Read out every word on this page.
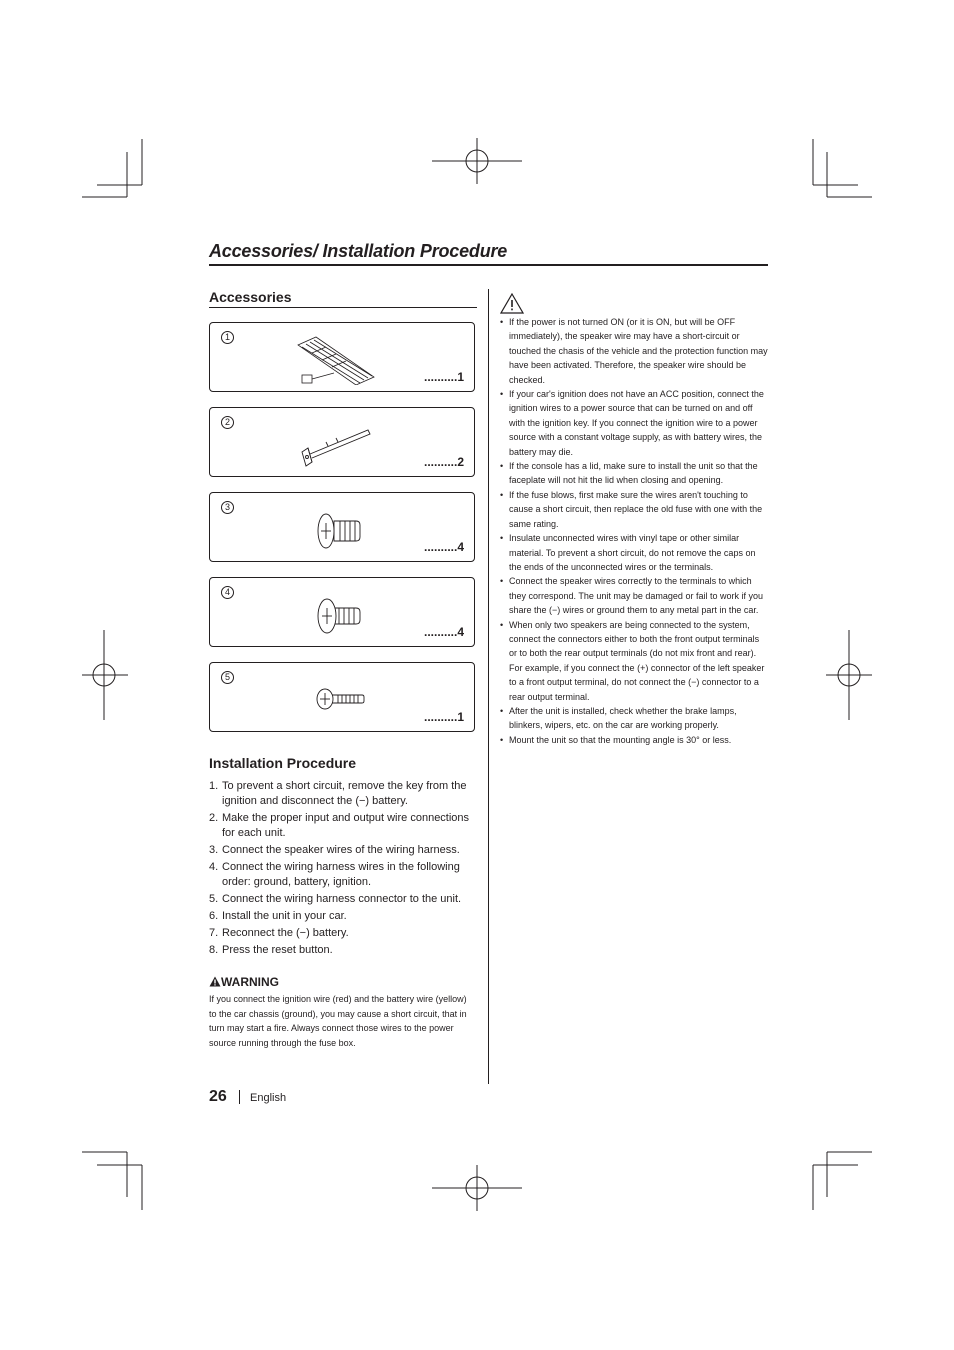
Accessories/ Installation Procedure
Accessories
1
..........1
2
..........2
3
..........4
4
..........4
5
..........1
Installation Procedure
1. To prevent a short circuit, remove the key from the ignition and disconnect the (−) battery.
2. Make the proper input and output wire connections for each unit.
3. Connect the speaker wires of the wiring harness.
4. Connect the wiring harness wires in the following order: ground, battery, ignition.
5. Connect the wiring harness connector to the unit.
6. Install the unit in your car.
7. Reconnect the (−) battery.
8. Press the reset button.
WARNING
If you connect the ignition wire (red) and the battery wire (yellow) to the car chassis (ground), you may cause a short circuit, that in turn may start a fire. Always connect those wires to the power source running through the fuse box.
• If the power is not turned ON (or it is ON, but will be OFF immediately), the speaker wire may have a short-circuit or touched the chasis of the vehicle and the protection function may have been activated. Therefore, the speaker wire should be checked.
• If your car's ignition does not have an ACC position, connect the ignition wires to a power source that can be turned on and off with the ignition key. If you connect the ignition wire to a power source with a constant voltage supply, as with battery wires, the battery may die.
• If the console has a lid, make sure to install the unit so that the faceplate will not hit the lid when closing and opening.
• If the fuse blows, first make sure the wires aren't touching to cause a short circuit, then replace the old fuse with one with the same rating.
• Insulate unconnected wires with vinyl tape or other similar material. To prevent a short circuit, do not remove the caps on the ends of the unconnected wires or the terminals.
• Connect the speaker wires correctly to the terminals to which they correspond. The unit may be damaged or fail to work if you share the (−) wires or ground them to any metal part in the car.
• When only two speakers are being connected to the system, connect the connectors either to both the front output terminals or to both the rear output terminals (do not mix front and rear). For example, if you connect the (+) connector of the left speaker to a front output terminal, do not connect the (−) connector to a rear output terminal.
• After the unit is installed, check whether the brake lamps, blinkers, wipers, etc. on the car are working properly.
• Mount the unit so that the mounting angle is 30° or less.
26 English
